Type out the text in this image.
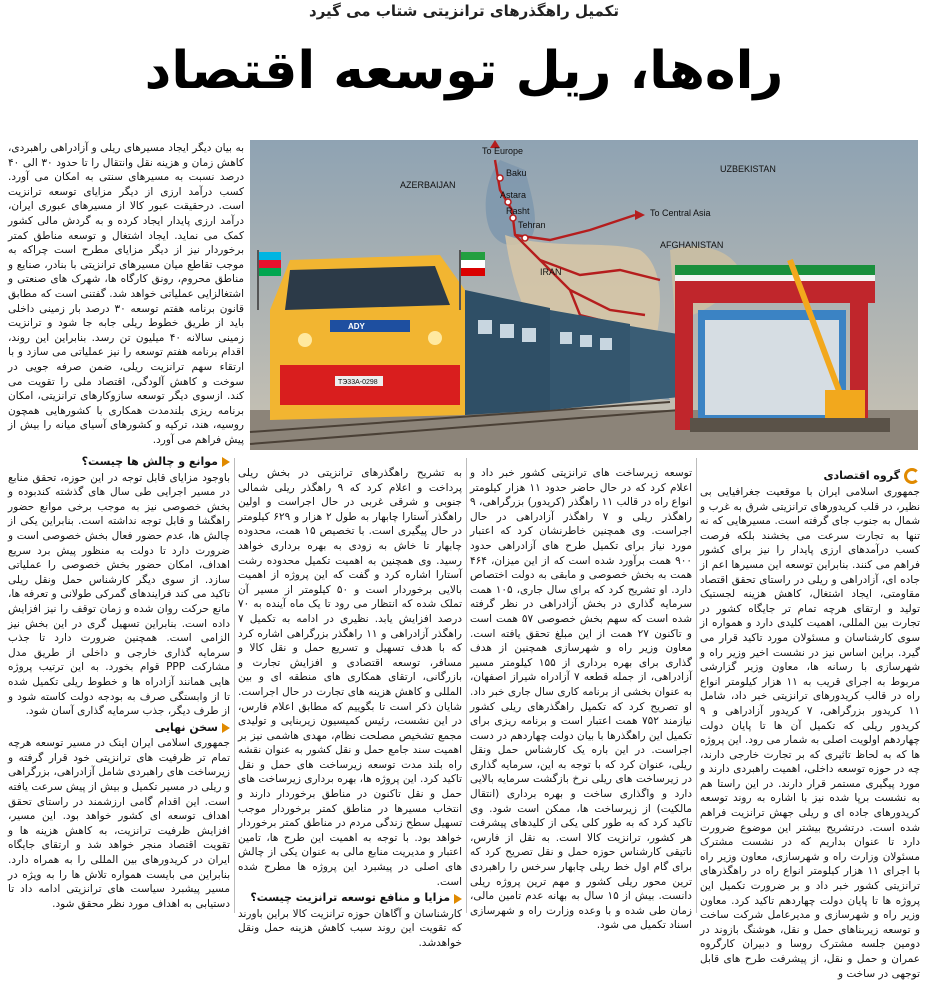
تکمیل راهگذرهای ترانزیتی شتاب می گیرد
راه‌ها، ریل توسعه اقتصاد

به بیان دیگر ایجاد مسیرهای ریلی و آزادراهی راهبردی، کاهش زمان و هزینه نقل وانتقال را تا حدود ۳۰ الی ۴۰ درصد نسبت به مسیرهای سنتی به امکان می آورد. کسب درآمد ارزی از دیگر مزایای توسعه ترانزیت است. درحقیقت عبور کالا از مسیرهای عبوری ایران، درآمد ارزی پایدار ایجاد کرده و به گردش مالی کشور کمک می نماید. ایجاد اشتغال و توسعه مناطق کمتر برخوردار نیز از دیگر مزایای مطرح است چراکه به موجب تقاطع میان مسیرهای ترانزیتی با بنادر، صنایع و مناطق محروم، رونق کارگاه ها، شهرک های صنعتی و اشتغالزایی عملیاتی خواهد شد. گفتنی است که مطابق قانون برنامه هفتم توسعه ۳۰ درصد بار زمینی داخلی باید از طریق خطوط ریلی جابه جا شود و ترانزیت زمینی سالانه ۴۰ میلیون تن رسد. بنابراین این روند، اقدام برنامه هفتم توسعه را نیز عملیاتی می سازد و با ارتقاء سهم ترانزیت ریلی، ضمن صرفه جویی در سوخت و کاهش آلودگی، اقتصاد ملی را تقویت می کند. ازسوی دیگر توسعه سازوکارهای ترانزیتی، امکان برنامه ریزی بلندمدت همکاری با کشورهایی همچون روسیه، هند، ترکیه و کشورهای آسیای میانه را بیش از پیش فراهم می آورد.

To Europe
Baku
AZERBAIJAN
Astara
Rasht
Tehran
To Central Asia
UZBEKISTAN
AFGHANISTAN
IRAN
TЭ33A-0298
ADY
گروه اقتصادی

جمهوری اسلامی ایران با موقعیت جغرافیایی بی نظیر، در قلب کریدورهای ترانزیتی شرق به غرب و شمال به جنوب جای گرفته است. مسیرهایی که نه تنها به تجارت سرعت می بخشند بلکه فرصت کسب درآمدهای ارزی پایدار را نیز برای کشور فراهم می کنند. بنابراین توسعه این مسیرها اعم از جاده ای، آزادراهی و ریلی در راستای تحقق اقتصاد مقاومتی، ایجاد اشتغال، کاهش هزینه لجستیک تولید و ارتقای هرچه تمام تر جایگاه کشور در تجارت بین المللی، اهمیت کلیدی دارد و همواره از سوی کارشناسان و مسئولان مورد تاکید قرار می گیرد. براین اساس نیز در نشست اخیر وزیر راه و شهرسازی با رسانه ها، معاون وزیر گزارشی مربوط به اجرای قریب به ۱۱ هزار کیلومتر انواع راه در قالب کریدورهای ترانزیتی خبر داد، شامل ۱۱ کریدور بزرگراهی، ۷ کریدور آزادراهی و ۹ کریدور ریلی که تکمیل آن ها تا پایان دولت چهاردهم اولویت اصلی به شمار می رود. این پروژه ها که به لحاظ تاثیری که بر تجارت خارجی دارند، چه در حوزه توسعه داخلی، اهمیت راهبردی دارند و مورد پیگیری مستمر قرار دارند. در این راستا هم به نشست برپا شده نیز با اشاره به روند توسعه کریدورهای جاده ای و ریلی جهش ترانزیت فراهم شده است. درتشریح بیشتر این موضوع ضرورت دارد تا عنوان بداریم که در نشست مشترک مسئولان وزارت راه و شهرسازی، معاون وزیر راه با اجرای ۱۱ هزار کیلومتر انواع راه در راهگذرهای ترانزیتی کشور خبر داد و بر ضرورت تکمیل این پروژه ها تا پایان دولت چهاردهم تاکید کرد. معاون وزیر راه و شهرسازی و مدیرعامل شرکت ساخت و توسعه زیربناهای حمل و نقل، هوشنگ بازوند در دومین جلسه مشترک روسا و دبیران کارگروه عمران و حمل و نقل، از پیشرفت طرح های قابل توجهی در ساخت و

توسعه زیرساخت های ترانزیتی کشور خبر داد و اعلام کرد که در حال حاضر حدود ۱۱ هزار کیلومتر انواع راه در قالب ۱۱ راهگذر (کریدور) بزرگراهی، ۹ راهگذر ریلی و ۷ راهگذر آزادراهی در حال اجراست. وی همچنین خاطرنشان کرد که اعتبار مورد نیاز برای تکمیل طرح های آزادراهی حدود ۹۰۰ همت برآورد شده است که از این میزان، ۴۶۴ همت به بخش خصوصی و مابقی به دولت اختصاص دارد. او تشریح کرد که برای سال جاری، ۱۰۵ همت سرمایه گذاری در بخش آزادراهی در نظر گرفته شده است که سهم بخش خصوصی ۵۷ همت است و تاکنون ۲۷ همت از این مبلغ تحقق یافته است. معاون وزیر راه و شهرسازی همچنین از هدف گذاری برای بهره برداری از ۱۵۵ کیلومتر مسیر آزادراهی، از جمله قطعه ۷ آزادراه شیراز اصفهان، به عنوان بخشی از برنامه کاری سال جاری خبر داد. او تصریح کرد که تکمیل راهگذرهای ریلی کشور نیازمند ۷۵۲ همت اعتبار است و برنامه ریزی برای تکمیل این راهگذرها با بیان دولت چهاردهم در دست اجراست. در این باره یک کارشناس حمل ونقل ریلی، عنوان کرد که با توجه به این، سرمایه گذاری در زیرساخت های ریلی نرخ بازگشت سرمایه بالایی دارد و واگذاری ساخت و بهره برداری (انتقال مالکیت) از زیرساخت ها، ممکن است شود. وی تاکید کرد که به طور کلی یکی از کلیدهای پیشرفت هر کشور، ترانزیت کالا است. به نقل از فارس، ناتیقی کارشناس حوزه حمل و نقل تصریح کرد که برای گام اول خط ریلی چابهار سرخس را راهبردی ترین محور ریلی کشور و مهم ترین پروژه ریلی دانست. بیش از ۱۵ سال به بهانه عدم تامین مالی، زمان طی شده و با وعده وزارت راه و شهرسازی اسناد تکمیل می شود.

به تشریح راهگذرهای ترانزیتی در بخش ریلی پرداخت و اعلام کرد که ۹ راهگذر ریلی شمالی جنوبی و شرقی غربی در حال اجراست و اولین راهگذر آستارا چابهار به طول ۲ هزار و ۶۲۹ کیلومتر در حال پیگیری است. با تخصیص ۱۵ همت، محدوده چابهار تا خاش به زودی به بهره برداری خواهد رسید. وی همچنین به اهمیت تکمیل محدوده رشت آستارا اشاره کرد و گفت که این پروژه از اهمیت بالایی برخوردار است و ۵۰ کیلومتر از مسیر آن تملک شده که انتظار می رود تا یک ماه آینده به ۷۰ درصد افزایش یابد. نظیری در ادامه به تکمیل ۷ راهگذر آزادراهی و ۱۱ راهگذر بزرگراهی اشاره کرد که با هدف تسهیل و تسریع حمل و نقل کالا و مسافر، توسعه اقتصادی و افزایش تجارت و بازرگانی، ارتقای همکاری های منطقه ای و بین المللی و کاهش هزینه های تجارت در حال اجراست. شایان ذکر است تا بگوییم که مطابق اعلام فارس، در این نشست، رئیس کمیسیون زیربنایی و تولیدی مجمع تشخیص مصلحت نظام، مهدی هاشمی نیز بر اهمیت سند جامع حمل و نقل کشور به عنوان نقشه راه بلند مدت توسعه زیرساخت های حمل و نقل تاکید کرد. این پروژه ها، بهره برداری زیرساخت های حمل و نقل تاکنون در مناطق برخوردار دارند و انتخاب مسیرها در مناطق کمتر برخوردار موجب تسهیل سطح زندگی مردم در مناطق کمتر برخوردار خواهد بود. با توجه به اهمیت این طرح ها، تامین اعتبار و مدیریت منابع مالی به عنوان یکی از چالش های اصلی در پیشبرد این پروژه ها مطرح شده است.

مزایا و منافع توسعه ترانزیت چیست؟

کارشناسان و آگاهان حوزه ترانزیت کالا براین باورند که تقویت این روند سبب کاهش هزینه حمل ونقل خواهدشد.

موانع و چالش ها چیست؟

باوجود مزایای قابل توجه در این حوزه، تحقق منابع در مسیر اجرایی طی سال های گذشته کندبوده و بخش خصوصی نیز به موجب برخی موانع حضور راهگشا و قابل توجه نداشته است. بنابراین یکی از چالش ها، عدم حضور فعال بخش خصوصی است و ضرورت دارد تا دولت به منظور پیش برد سریع اهداف، امکان حضور بخش خصوصی را عملیاتی سازد. از سوی دیگر کارشناس حمل ونقل ریلی تاکید می کند فرایندهای گمرکی طولانی و تعرفه ها، مانع حرکت روان شده و زمان توقف را نیز افزایش داده است. بنابراین تسهیل گری در این بخش نیز الزامی است. همچنین ضرورت دارد تا جذب سرمایه گذاری خارجی و داخلی از طریق مدل مشارکت PPP قوام بخورد. به این ترتیب پروژه هایی همانند آزادراه ها و خطوط ریلی تکمیل شده تا از وابستگی صرف به بودجه دولت کاسته شود و از طرف دیگر، جذب سرمایه گذاری آسان شود.

سخن نهایی

جمهوری اسلامی ایران اینک در مسیر توسعه هرچه تمام تر ظرفیت های ترانزیتی خود قرار گرفته و زیرساخت های راهبردی شامل آزادراهی، بزرگراهی و ریلی در مسیر تکمیل و بیش از پیش سرعت یافته است. این اقدام گامی ارزشمند در راستای تحقق اهداف توسعه ای کشور خواهد بود. این مسیر، افزایش ظرفیت ترانزیت، به کاهش هزینه ها و تقویت اقتصاد منجر خواهد شد و ارتقای جایگاه ایران در کریدورهای بین المللی را به همراه دارد. بنابراین می بایست همواره تلاش ها را به ویژه در مسیر پیشبرد سیاست های ترانزیتی ادامه داد تا دستیابی به اهداف مورد نظر محقق شود.
